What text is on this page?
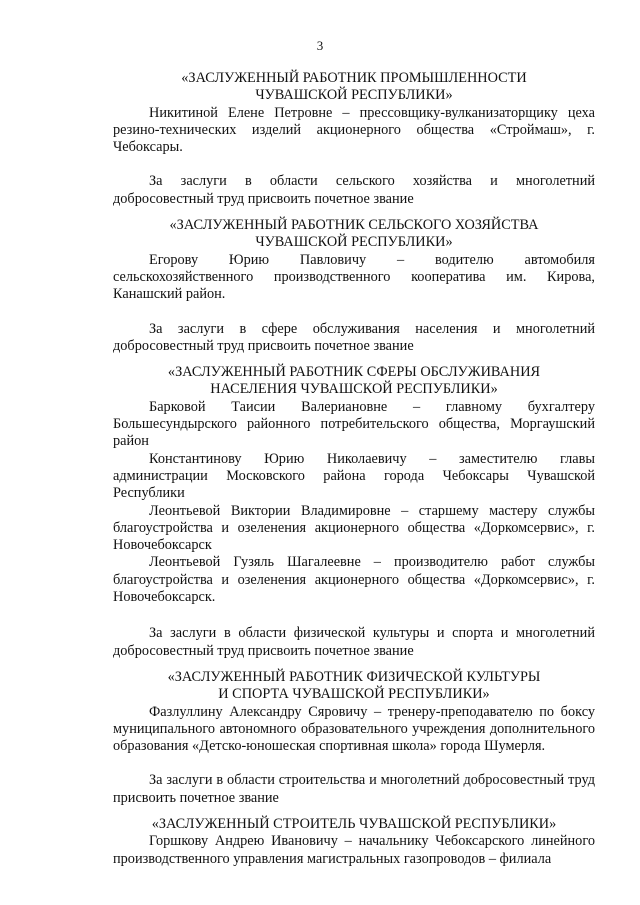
3
«ЗАСЛУЖЕННЫЙ РАБОТНИК ПРОМЫШЛЕННОСТИ
ЧУВАШСКОЙ РЕСПУБЛИКИ»

Никитиной Елене Петровне – прессовщику-вулканизаторщику цеха резино-технических изделий акционерного общества «Строймаш», г. Чебоксары.

За заслуги в области сельского хозяйства и многолетний добросовестный труд присвоить почетное звание

«ЗАСЛУЖЕННЫЙ РАБОТНИК СЕЛЬСКОГО ХОЗЯЙСТВА
ЧУВАШСКОЙ РЕСПУБЛИКИ»

Егорову Юрию Павловичу – водителю автомобиля сельскохозяйственного производственного кооператива им. Кирова, Канашский район.

За заслуги в сфере обслуживания населения и многолетний добросовестный труд присвоить почетное звание

«ЗАСЛУЖЕННЫЙ РАБОТНИК СФЕРЫ ОБСЛУЖИВАНИЯ
НАСЕЛЕНИЯ ЧУВАШСКОЙ РЕСПУБЛИКИ»

Барковой Таисии Валериановне – главному бухгалтеру Большесундырского районного потребительского общества, Моргаушский район

Константинову Юрию Николаевичу – заместителю главы администрации Московского района города Чебоксары Чувашской Республики

Леонтьевой Виктории Владимировне – старшему мастеру службы благоустройства и озеленения акционерного общества «Доркомсервис», г. Новочебоксарск

Леонтьевой Гузяль Шагалеевне – производителю работ службы благоустройства и озеленения акционерного общества «Доркомсервис», г. Новочебоксарск.

За заслуги в области физической культуры и спорта и многолетний добросовестный труд присвоить почетное звание

«ЗАСЛУЖЕННЫЙ РАБОТНИК ФИЗИЧЕСКОЙ КУЛЬТУРЫ
И СПОРТА ЧУВАШСКОЙ РЕСПУБЛИКИ»

Фазлуллину Александру Сяровичу – тренеру-преподавателю по боксу муниципального автономного образовательного учреждения дополнительного образования «Детско-юношеская спортивная школа» города Шумерля.

За заслуги в области строительства и многолетний добросовестный труд присвоить почетное звание

«ЗАСЛУЖЕННЫЙ СТРОИТЕЛЬ ЧУВАШСКОЙ РЕСПУБЛИКИ»

Горшкову Андрею Ивановичу – начальнику Чебоксарского линейного производственного управления магистральных газопроводов – филиала
